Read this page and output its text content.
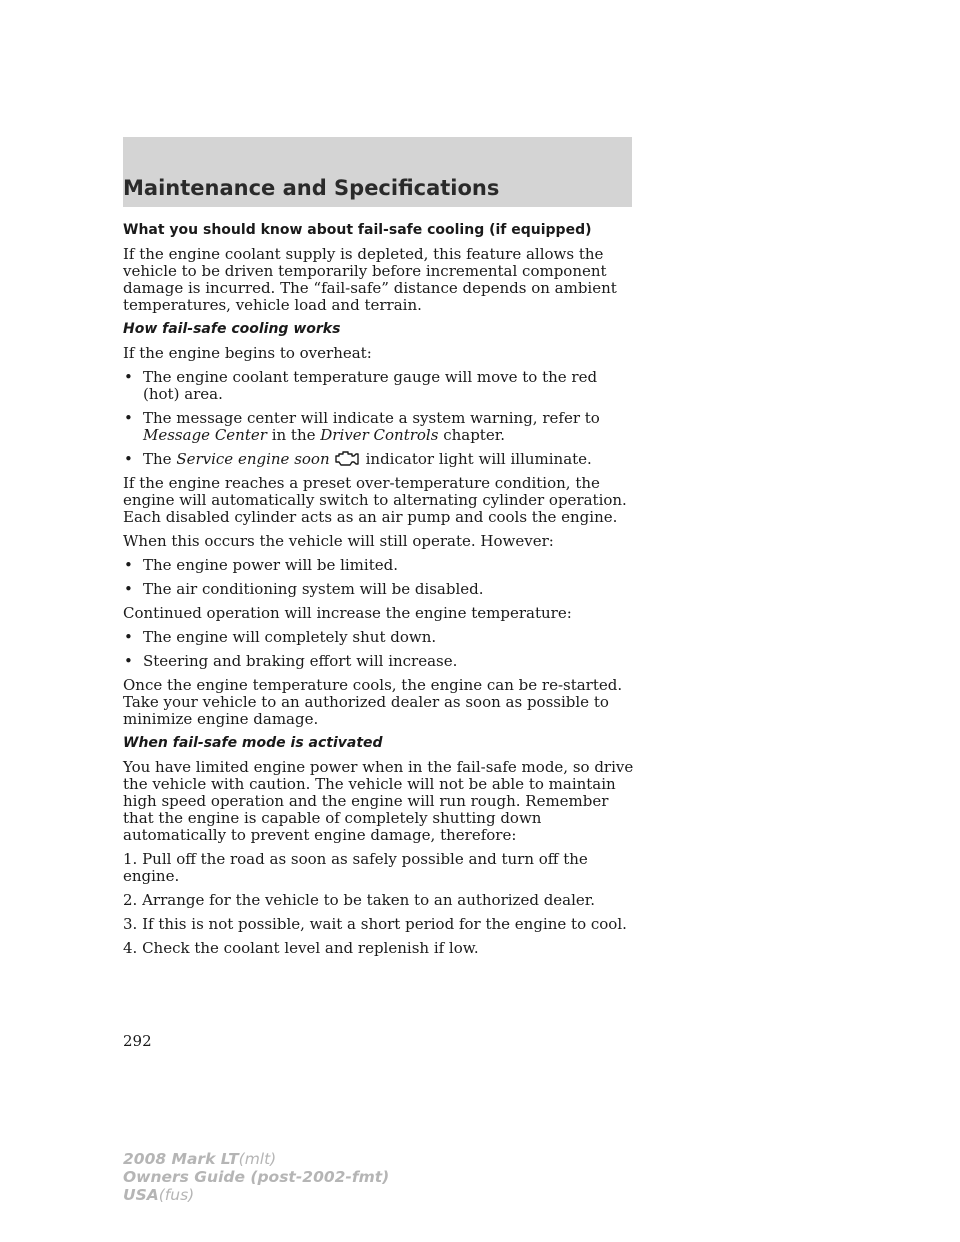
Maintenance and Specifications
What you should know about fail-safe cooling (if equipped)

If the engine coolant supply is depleted, this feature allows the vehicle to be driven temporarily before incremental component damage is incurred. The “fail-safe” distance depends on ambient temperatures, vehicle load and terrain.

How fail-safe cooling works

If the engine begins to overheat:

• The engine coolant temperature gauge will move to the red (hot) area.
• The message center will indicate a system warning, refer to Message Center in the Driver Controls chapter.
• The Service engine soon indicator light will illuminate.

If the engine reaches a preset over-temperature condition, the engine will automatically switch to alternating cylinder operation. Each disabled cylinder acts as an air pump and cools the engine.

When this occurs the vehicle will still operate. However:

• The engine power will be limited.
• The air conditioning system will be disabled.

Continued operation will increase the engine temperature:

• The engine will completely shut down.
• Steering and braking effort will increase.

Once the engine temperature cools, the engine can be re-started. Take your vehicle to an authorized dealer as soon as possible to minimize engine damage.

When fail-safe mode is activated

You have limited engine power when in the fail-safe mode, so drive the vehicle with caution. The vehicle will not be able to maintain high speed operation and the engine will run rough. Remember that the engine is capable of completely shutting down automatically to prevent engine damage, therefore:

1. Pull off the road as soon as safely possible and turn off the engine.

2. Arrange for the vehicle to be taken to an authorized dealer.

3. If this is not possible, wait a short period for the engine to cool.

4. Check the coolant level and replenish if low.

292
2008 Mark LT(mlt)
Owners Guide (post-2002-fmt)
USA(fus)
